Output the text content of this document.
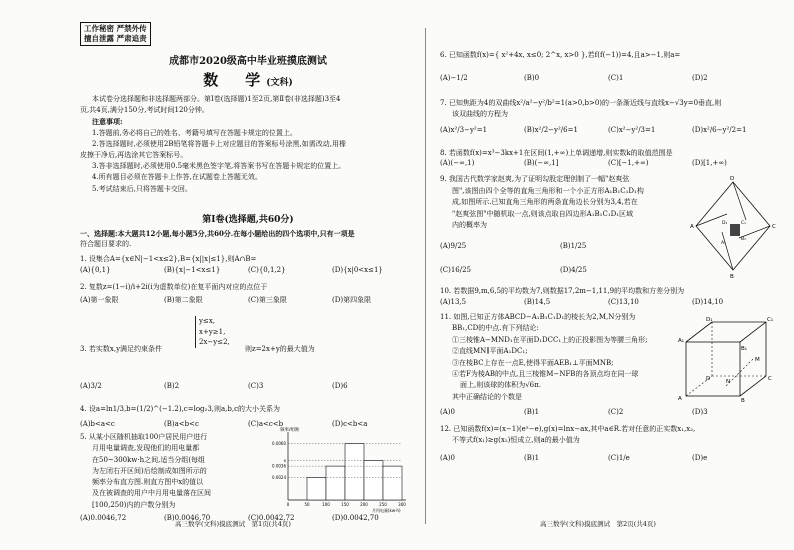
工作秘密 严禁外传
擅自泄露 严肃追责
成都市2020级高中毕业班摸底测试
数　学(文科)

本试卷分选择题和非选择题两部分。第Ⅰ卷(选择题)1至2页,第Ⅱ卷(非选择题)3至4

页,共4页,满分150分,考试时间120分钟。

注意事项:

1.答题前,务必将自己的姓名、考籍号填写在答题卡规定的位置上。

2.答选择题时,必须使用2B铅笔将答题卡上对应题目的答案标号涂黑,如需改动,用橡

皮擦干净后,再选涂其它答案标号。

3.答非选择题时,必须使用0.5毫米黑色签字笔,将答案书写在答题卡规定的位置上。

4.所有题目必须在答题卡上作答,在试题卷上答题无效。

5.考试结束后,只将答题卡交回。

第Ⅰ卷(选择题,共60分)

一、选择题:本大题共12小题,每小题5分,共60分.在每小题给出的四个选项中,只有一项是

符合题目要求的.

1. 设集合A={x∈N|−1<x≤2},B={x||x|≤1},则A∩B=
(A){0,1}	(B){x|−1<x≤1}	(C){0,1,2}	(D){x|0<x≤1}
2. 复数z=(1−i)/i+2i(i为虚数单位)在复平面内对应的点位于
(A)第一象限	(B)第二象限	(C)第三象限	(D)第四象限
3. 若实数x,y满足约束条件
y≤x,
x+y≥1,
2x−y≤2,
则z=2x+y的最大值为
(A)3/2	(B)2	(C)3	(D)6
4. 设a=ln1/3,b=(1/2)^(−1.2),c=log₂3,则a,b,c的大小关系为
(A)b<a<c	(B)a<b<c	(C)a<c<b	(D)c<b<a

5. 从某小区随机抽取100户居民用户进行

月用电量调查,发现他们的用电量都

在50~300kw·h之间,适当分组(每组

为左闭右开区间)后绘制成如图所示的

频率分布直方图.则直方图中x的值以

及在被调查的用户中月用电量落在区间

[100,250)内的户数分别为

频率/组距
月用电量(kw·h)
0.0060
x
0.0036
0.0024
0	50	100	150	200	250	300
(A)0.0046,72	(B)0.0046,70	(C)0.0042,72	(D)0.0042,70
高三数学(文科)摸底测试　第1页(共4页)
6. 已知函数f(x)={ x²+4x, x≤0; 2^x, x>0 },若f(f(−1))=4,且a>−1,则a=
(A)−1/2	(B)0	(C)1	(D)2

7. 已知焦距为4的双曲线x²/a²−y²/b²=1(a>0,b>0)的一条渐近线与直线x−√3y=0垂直,则

该双曲线的方程为

(A)x²/3−y²=1	(B)x²/2−y²/6=1	(C)x²−y²/3=1	(D)x²/6−y²/2=1
8. 若函数f(x)=x³−3kx+1在区间(1,+∞)上单调递增,则实数k的取值范围是
(A)(−∞,1)	(B)(−∞,1]	(C)[−1,+∞)	(D)[1,+∞)

9. 我国古代数学家赵爽,为了证明勾股定理创制了一幅"赵爽弦

图",该图由四个全等的直角三角形和一个小正方形A₁B₁C₁D₁构

成,如图所示.已知直角三角形的两条直角边长分别为3,4,若在

"赵爽弦图"中随机取一点,则该点取自四边形A₁B₁C₁D₁区域

内的概率为

(A)9/25	(B)1/25
(C)16/25	(D)4/25
D
C
B
A
C₁
B₁
A₁
D₁
10. 若数据9,m,6,5的平均数为7,则数据17,2m−1,11,9的平均数和方差分别为
(A)13,5	(B)14,5	(C)13,10	(D)14,10

11. 如图,已知正方体ABCD−A₁B₁C₁D₁的棱长为2,M,N分别为

BB₁,CD的中点.有下列结论:

①三棱锥A−MND₁在平面D₁DCC₁上的正投影图为等腰三角形;

②直线MN∥平面A₁DC₁;

③在棱BC上存在一点E,使得平面AEB₁⊥平面MNB;

④若F为棱AB的中点,且三棱锥M−NFB的各顶点均在同一球

面上,则该球的体积为√6π.

其中正确结论的个数是	A	B
C
D
A₁
B₁
C₁
D₁
M
N
(A)0	(B)1	(C)2	(D)3

12. 已知函数f(x)=(x−1)(eˣ−e),g(x)=lnx−ax,其中a∈R.若对任意的正实数x₁,x₂,

不等式f(x₁)≥g(x₂)恒成立,则a的最小值为

(A)0	(B)1	(C)1/e	(D)e
高三数学(文科)摸底测试　第2页(共4页)
